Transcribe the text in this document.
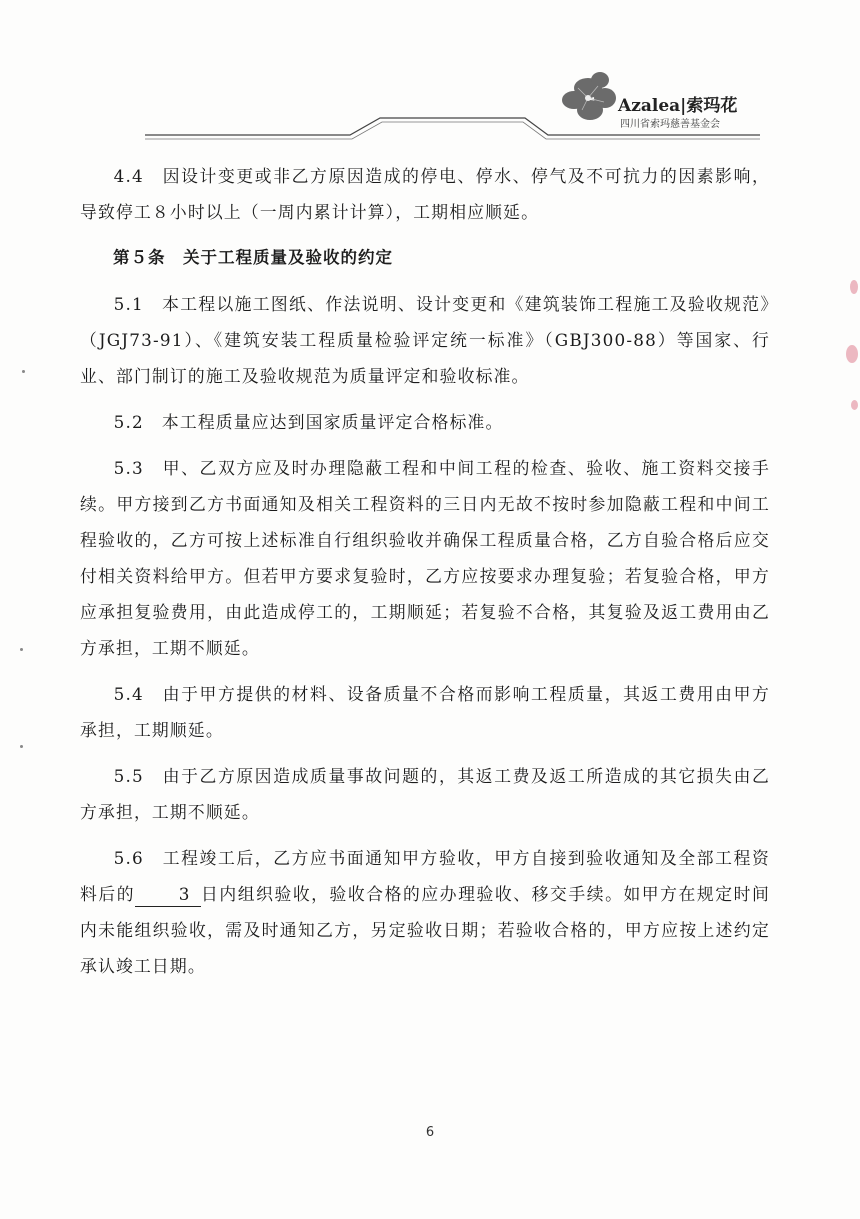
Azalea|索玛花
四川省索玛慈善基金会

4.4　因设计变更或非乙方原因造成的停电、停水、停气及不可抗力的因素影响，导致停工８小时以上（一周内累计计算），工期相应顺延。

第５条　关于工程质量及验收的约定

5.1　本工程以施工图纸、作法说明、设计变更和《建筑装饰工程施工及验收规范》（JGJ73-91）、《建筑安装工程质量检验评定统一标准》（GBJ300-88）等国家、行业、部门制订的施工及验收规范为质量评定和验收标准。

5.2　本工程质量应达到国家质量评定合格标准。

5.3　甲、乙双方应及时办理隐蔽工程和中间工程的检查、验收、施工资料交接手续。甲方接到乙方书面通知及相关工程资料的三日内无故不按时参加隐蔽工程和中间工程验收的，乙方可按上述标准自行组织验收并确保工程质量合格，乙方自验合格后应交付相关资料给甲方。但若甲方要求复验时，乙方应按要求办理复验；若复验合格，甲方应承担复验费用，由此造成停工的，工期顺延；若复验不合格，其复验及返工费用由乙方承担，工期不顺延。

5.4　由于甲方提供的材料、设备质量不合格而影响工程质量，其返工费用由甲方承担，工期顺延。

5.5　由于乙方原因造成质量事故问题的，其返工费及返工所造成的其它损失由乙方承担，工期不顺延。

5.6　工程竣工后，乙方应书面通知甲方验收，甲方自接到验收通知及全部工程资料后的	3 日内组织验收，验收合格的应办理验收、移交手续。如甲方在规定时间内未能组织验收，需及时通知乙方，另定验收日期；若验收合格的，甲方应按上述约定承认竣工日期。

6
